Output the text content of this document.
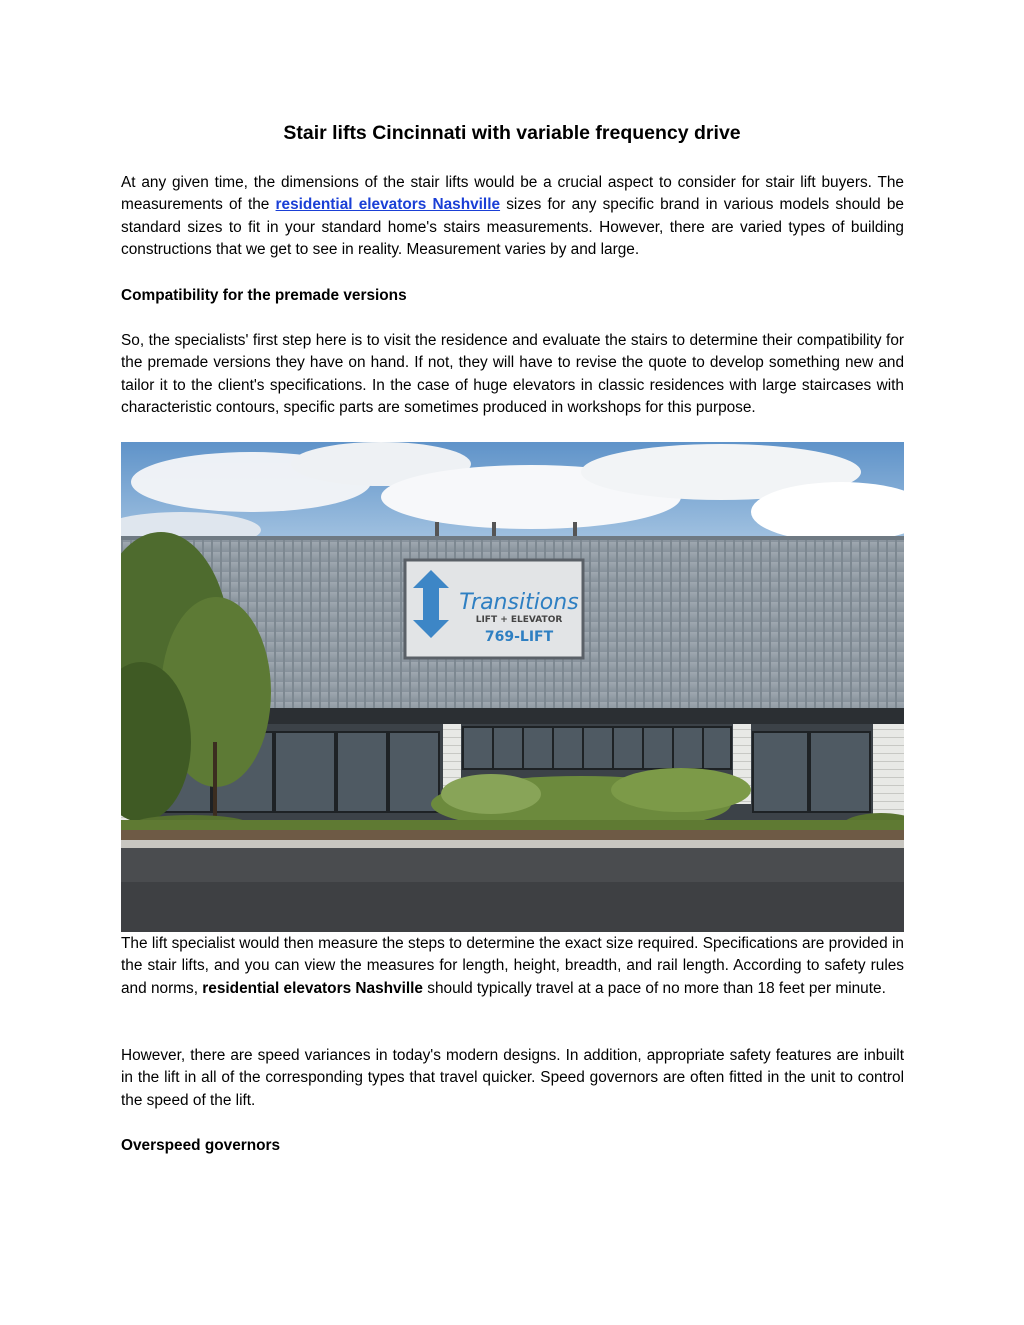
Stair lifts Cincinnati with variable frequency drive

At any given time, the dimensions of the stair lifts would be a crucial aspect to consider for stair lift buyers. The measurements of the residential elevators Nashville sizes for any specific brand in various models should be standard sizes to fit in your standard home's stairs measurements. However, there are varied types of building constructions that we get to see in reality. Measurement varies by and large.

Compatibility for the premade versions

So, the specialists' first step here is to visit the residence and evaluate the stairs to determine their compatibility for the premade versions they have on hand. If not, they will have to revise the quote to develop something new and tailor it to the client's specifications. In the case of huge elevators in classic residences with large staircases with characteristic contours, specific parts are sometimes produced in workshops for this purpose.

Transitions
LIFT + ELEVATOR
769-LIFT

The lift specialist would then measure the steps to determine the exact size required. Specifications are provided in the stair lifts, and you can view the measures for length, height, breadth, and rail length. According to safety rules and norms, residential elevators Nashville should typically travel at a pace of no more than 18 feet per minute.

However, there are speed variances in today's modern designs. In addition, appropriate safety features are inbuilt in the lift in all of the corresponding types that travel quicker. Speed governors are often fitted in the unit to control the speed of the lift.

Overspeed governors
